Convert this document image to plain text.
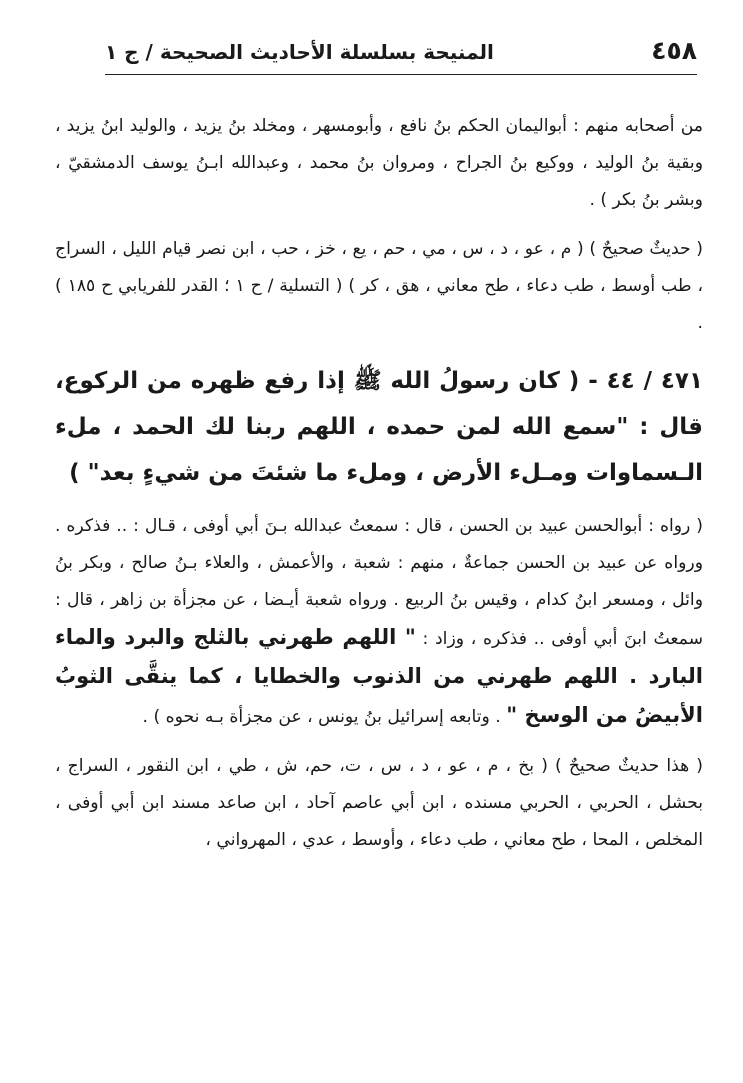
٤٥٨
المنيحة بسلسلة الأحاديث الصحيحة / ج ١

من أصحابه منهم : أبواليمان الحكم بنُ نافع ، وأبومسهر ، ومخلد بنُ يزيد ، والوليد ابنُ يزيد ، وبقية بنُ الوليد ، ووكيع بنُ الجراح ، ومروان بنُ محمد ، وعبدالله ابـنُ يوسف الدمشقيّ ، وبشر بنُ بكر ) .

( حديثٌ صحيحٌ ) ( م ، عو ، د ، س ، مي ، حم ، يع ، خز ، حب ، ابن نصر قيام الليل ، السراج ، طب أوسط ، طب دعاء ، طح معاني ، هق ، كر ) ( التسلية / ح ١ ؛ القدر للفريابي ح ١٨٥ ) .

٤٧١ / ٤٤ - ( كان رسولُ الله ﷺ إذا رفع ظهره من الركوع، قال : "سمع الله لمن حمده ، اللهم ربنا لك الحمد ، ملء الـسماوات ومـلء الأرض ، وملء ما شئتَ من شيءٍ بعد" )

( رواه : أبوالحسن عبيد بن الحسن ، قال : سمعتُ عبدالله بـنَ أبي أوفى ، قـال : .. فذكره . ورواه عن عبيد بن الحسن جماعةٌ ، منهم : شعبة ، والأعمش ، والعلاء بـنُ صالح ، وبكر بنُ وائل ، ومسعر ابنُ كدام ، وقيس بنُ الربيع . ورواه شعبة أيـضا ، عن مجزأة بن زاهر ، قال : سمعتُ ابنَ أبي أوفى .. فذكره ، وزاد : " اللهم طهرني بالثلج والبرد والماء البارد . اللهم طهرني من الذنوب والخطايا ، كما ينقَّى الثوبُ الأبيضُ من الوسخ " . وتابعه إسرائيل بنُ يونس ، عن مجزأة بـه نحوه ) .

( هذا حديثٌ صحيحٌ ) ( بخ ، م ، عو ، د ، س ، ت، حم، ش ، طي ، ابن النقور ، السراج ، بحشل ، الحربي ، الحربي مسنده ، ابن أبي عاصم آحاد ، ابن صاعد مسند ابن أبي أوفى ، المخلص ، المحا ، طح معاني ، طب دعاء ، وأوسط ، عدي ، المهرواني ،
